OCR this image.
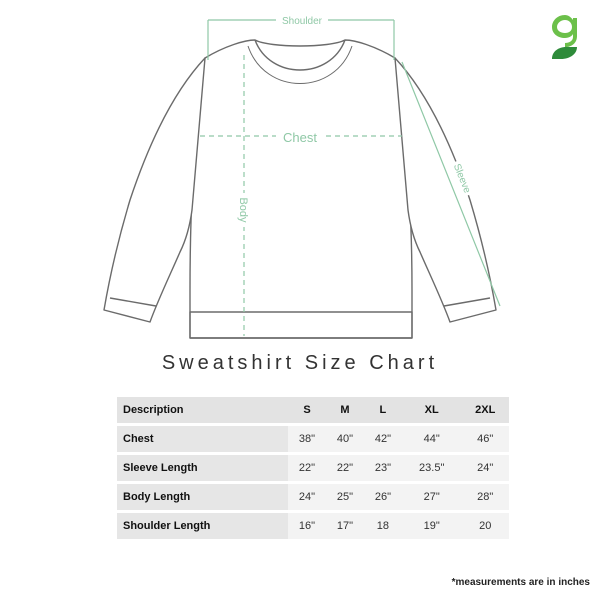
Shoulder
Chest
Body
Sleeve
Sweatshirt Size Chart
Description	S	M	L	XL	2XL
Chest	38"	40"	42"	44"	46"
Sleeve Length	22"	22"	23"	23.5"	24"
Body Length	24"	25"	26"	27"	28"
Shoulder Length	16"	17"	18	19"	20
*measurements are in inches
